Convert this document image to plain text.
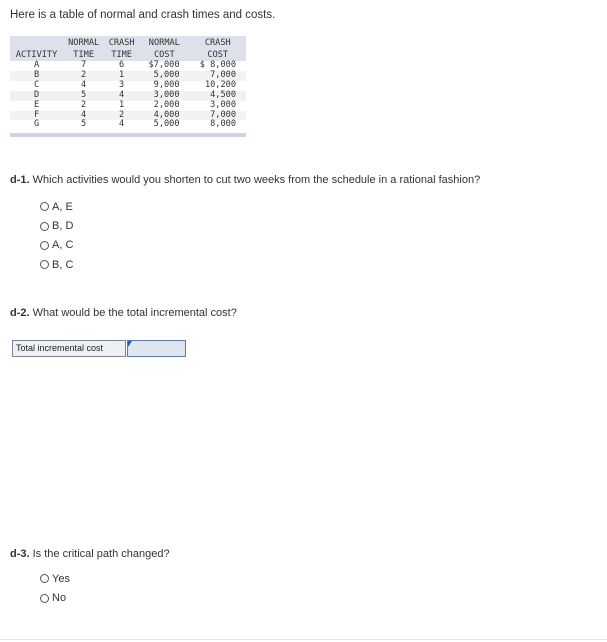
Here is a table of normal and crash times and costs.
	NORMAL	CRASH	NORMAL	CRASH
ACTIVITY	TIME	TIME	COST	COST
A	7	6	$7,000	$ 8,000
B	2	1	5,000	7,000
C	4	3	9,000	10,200
D	5	4	3,000	4,500
E	2	1	2,000	3,000
F	4	2	4,000	7,000
G	5	4	5,000	8,000
d-1. Which activities would you shorten to cut two weeks from the schedule in a rational fashion?
A, E
B, D
A, C
B, C
d-2. What would be the total incremental cost?
Total incremental cost
d-3. Is the critical path changed?
Yes
No
